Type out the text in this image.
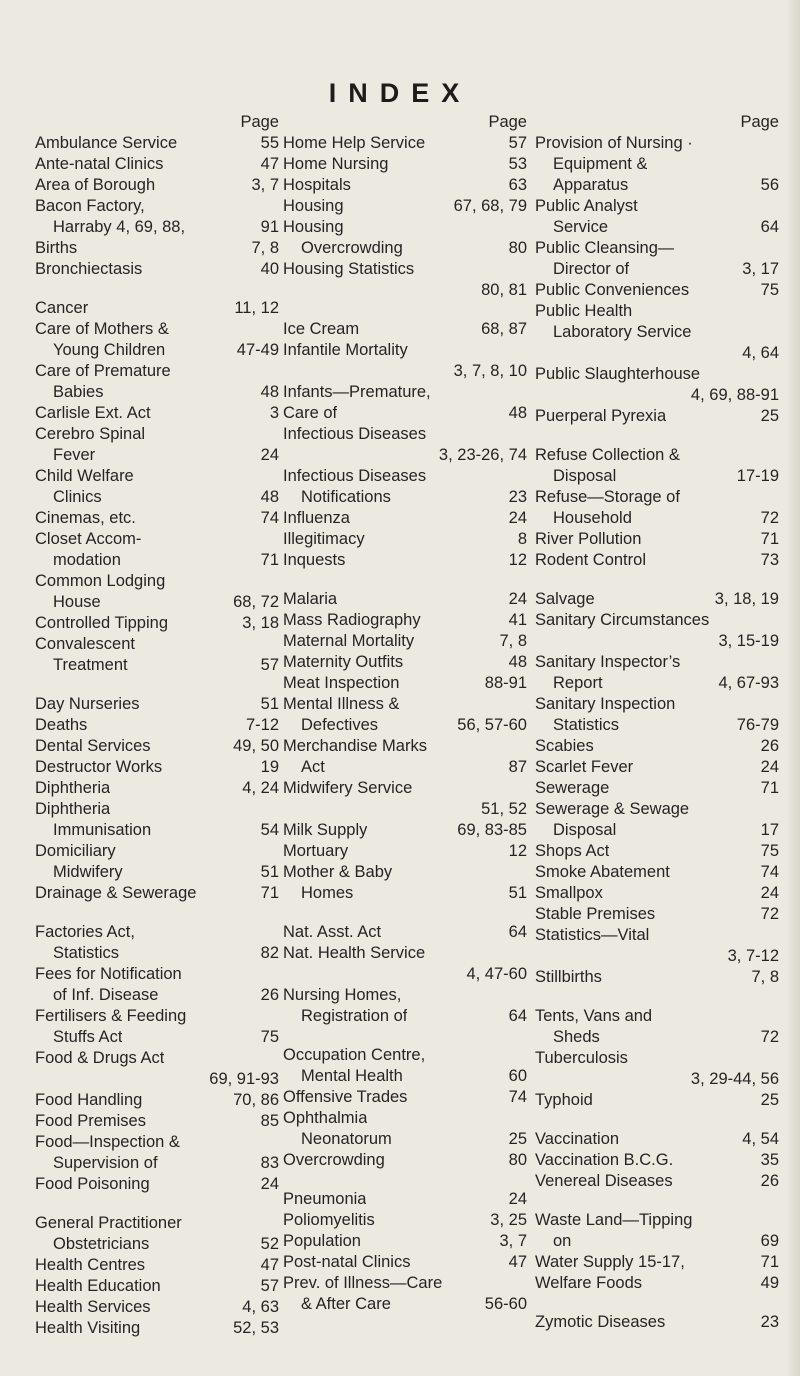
INDEX
Page
Ambulance Service	55
Ante-natal Clinics	47
Area of Borough	3, 7
Bacon Factory,
Harraby 4, 69, 88,	91
Births	7, 8
Bronchiectasis	40
Cancer	11, 12
Care of Mothers &
Young Children	47-49
Care of Premature
Babies	48
Carlisle Ext. Act	3
Cerebro Spinal
Fever	24
Child Welfare
Clinics	48
Cinemas, etc.	74
Closet Accom-
modation	71
Common Lodging
House	68, 72
Controlled Tipping	3, 18
Convalescent
Treatment	57
Day Nurseries	51
Deaths	7-12
Dental Services	49, 50
Destructor Works	19
Diphtheria	4, 24
Diphtheria
Immunisation	54
Domiciliary
Midwifery	51
Drainage & Sewerage	71
Factories Act,
Statistics	82
Fees for Notification
of Inf. Disease	26
Fertilisers & Feeding
Stuffs Act	75
Food & Drugs Act
69, 91-93
Food Handling	70, 86
Food Premises	85
Food—Inspection &
Supervision of	83
Food Poisoning	24
General Practitioner
Obstetricians	52
Health Centres	47
Health Education	57
Health Services	4, 63
Health Visiting	52, 53
Page
Home Help Service	57
Home Nursing	53
Hospitals	63
Housing	67, 68, 79
Housing
Overcrowding	80
Housing Statistics
80, 81
Ice Cream	68, 87
Infantile Mortality
3, 7, 8, 10
Infants—Premature,
Care of	48
Infectious Diseases
3, 23-26, 74
Infectious Diseases
Notifications	23
Influenza	24
Illegitimacy	8
Inquests	12
Malaria	24
Mass Radiography	41
Maternal Mortality	7, 8
Maternity Outfits	48
Meat Inspection	88-91
Mental Illness &
Defectives	56, 57-60
Merchandise Marks
Act	87
Midwifery Service
51, 52
Milk Supply	69, 83-85
Mortuary	12
Mother & Baby
Homes	51
Nat. Asst. Act	64
Nat. Health Service
4, 47-60
Nursing Homes,
Registration of	64
Occupation Centre,
Mental Health	60
Offensive Trades	74
Ophthalmia
Neonatorum	25
Overcrowding	80
Pneumonia	24
Poliomyelitis	3, 25
Population	3, 7
Post-natal Clinics	47
Prev. of Illness—Care
& After Care	56-60
Page
Provision of Nursing ·
Equipment &
Apparatus	56
Public Analyst
Service	64
Public Cleansing—
Director of	3, 17
Public Conveniences	75
Public Health
Laboratory Service
4, 64
Public Slaughterhouse
4, 69, 88-91
Puerperal Pyrexia	25
Refuse Collection &
Disposal	17-19
Refuse—Storage of
Household	72
River Pollution	71
Rodent Control	73
Salvage	3, 18, 19
Sanitary Circumstances
3, 15-19
Sanitary Inspector’s
Report	4, 67-93
Sanitary Inspection
Statistics	76-79
Scabies	26
Scarlet Fever	24
Sewerage	71
Sewerage & Sewage
Disposal	17
Shops Act	75
Smoke Abatement	74
Smallpox	24
Stable Premises	72
Statistics—Vital
3, 7-12
Stillbirths	7, 8
Tents, Vans and
Sheds	72
Tuberculosis
3, 29-44, 56
Typhoid	25
Vaccination	4, 54
Vaccination B.C.G.	35
Venereal Diseases	26
Waste Land—Tipping
on	69
Water Supply 15-17,	71
Welfare Foods	49
Zymotic Diseases	23
